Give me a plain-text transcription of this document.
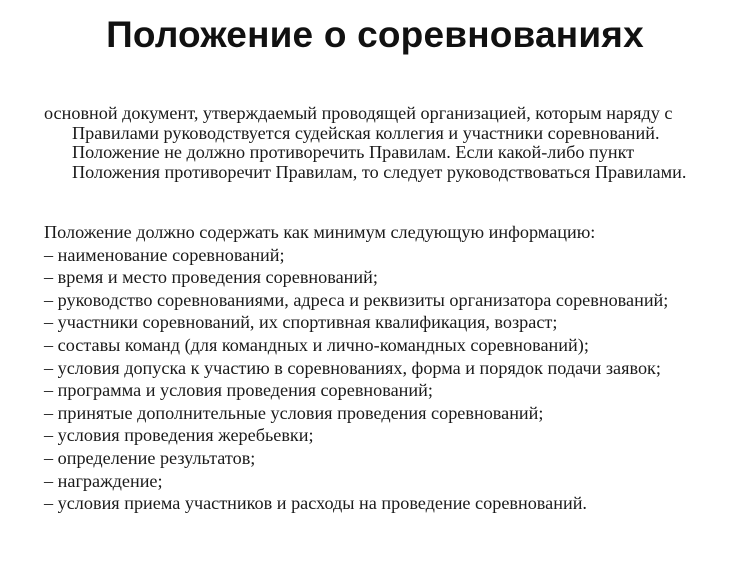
Положение о соревнованиях
основной документ, утверждаемый проводящей организацией, которым наряду с
Правилами руководствуется судейская коллегия и участники соревнований. Положение не должно противоречить Правилам. Если какой-либо пункт Положения противоречит Правилам, то следует руководствоваться Правилами.
Положение должно содержать как минимум следующую информацию:
– наименование соревнований;
– время и место проведения соревнований;
– руководство соревнованиями, адреса и реквизиты организатора соревнований;
– участники соревнований, их спортивная квалификация, возраст;
– составы команд (для командных и лично-командных соревнований);
– условия допуска к участию в соревнованиях, форма и порядок подачи заявок;
– программа и условия проведения соревнований;
– принятые дополнительные условия проведения соревнований;
– условия проведения жеребьевки;
– определение результатов;
– награждение;
– условия приема участников и расходы на проведение соревнований.
